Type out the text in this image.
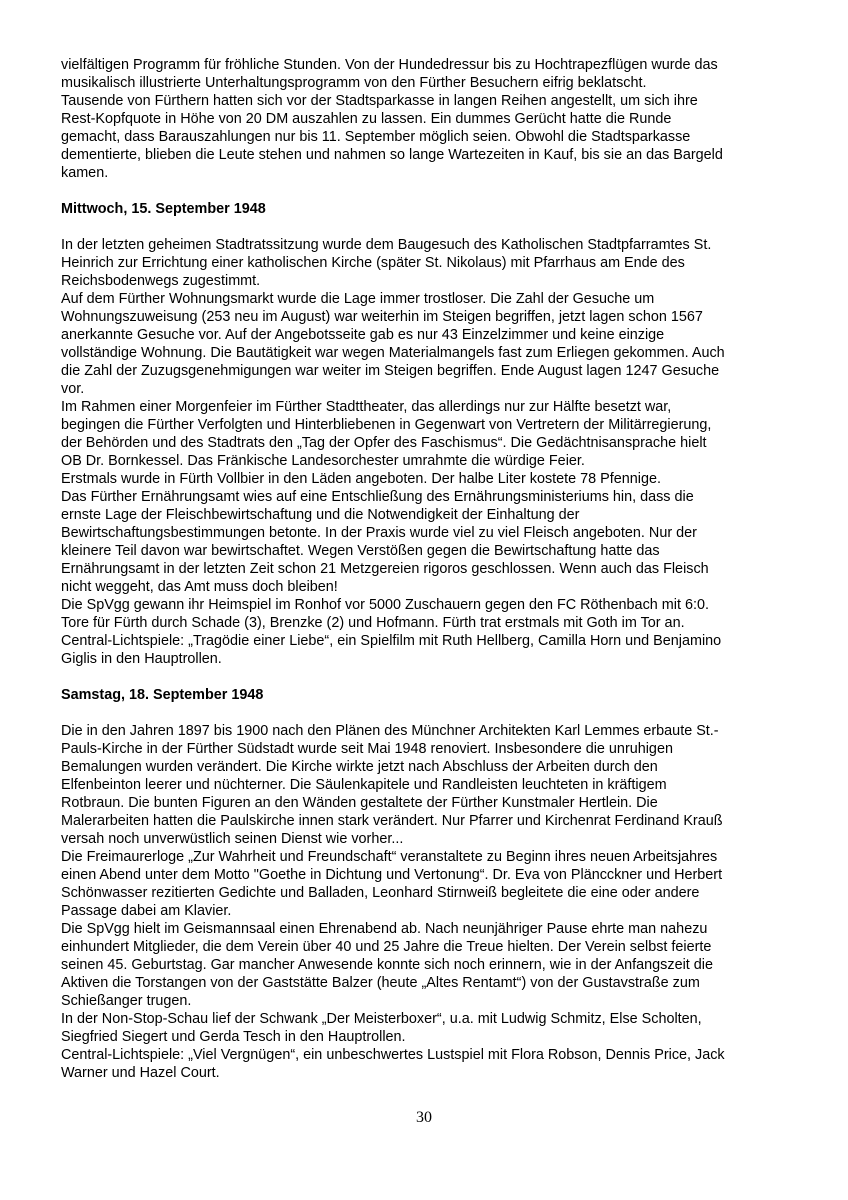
vielfältigen Programm für fröhliche Stunden. Von der Hundedressur bis zu Hochtrapezflügen wurde das

musikalisch illustrierte Unterhaltungsprogramm von den Fürther Besuchern eifrig beklatscht.

Tausende von Fürthern hatten sich vor der Stadtsparkasse in langen Reihen angestellt, um sich ihre

Rest-Kopfquote in Höhe von 20 DM auszahlen zu lassen. Ein dummes Gerücht hatte die Runde

gemacht, dass Barauszahlungen nur bis 11. September möglich seien. Obwohl die Stadtsparkasse

dementierte, blieben die Leute stehen und nahmen so lange Wartezeiten in Kauf, bis sie an das Bargeld

kamen.

Mittwoch, 15. September 1948

In der letzten geheimen Stadtratssitzung wurde dem Baugesuch des Katholischen Stadtpfarramtes St.

Heinrich zur Errichtung einer katholischen Kirche (später St. Nikolaus) mit Pfarrhaus am Ende des

Reichsbodenwegs zugestimmt.

Auf dem Fürther Wohnungsmarkt wurde die Lage immer trostloser. Die Zahl der Gesuche um

Wohnungszuweisung (253 neu im August) war weiterhin im Steigen begriffen, jetzt lagen schon 1567

anerkannte Gesuche vor. Auf der Angebotsseite gab es nur 43 Einzelzimmer und keine einzige

vollständige Wohnung. Die Bautätigkeit war wegen Materialmangels fast zum Erliegen gekommen. Auch

die Zahl der Zuzugsgenehmigungen war weiter im Steigen begriffen. Ende August lagen 1247 Gesuche

vor.

Im Rahmen einer Morgenfeier im Fürther Stadttheater, das allerdings nur zur Hälfte besetzt war,

begingen die Fürther Verfolgten und Hinterbliebenen in Gegenwart von Vertretern der Militärregierung,

der Behörden und des Stadtrats den „Tag der Opfer des Faschismus“. Die Gedächtnisansprache hielt

OB Dr. Bornkessel. Das Fränkische Landesorchester umrahmte die würdige Feier.

Erstmals wurde in Fürth Vollbier in den Läden angeboten. Der halbe Liter kostete 78 Pfennige.

Das Fürther Ernährungsamt wies auf eine Entschließung des Ernährungsministeriums hin, dass die

ernste Lage der Fleischbewirtschaftung und die Notwendigkeit der Einhaltung der

Bewirtschaftungsbestimmungen betonte. In der Praxis wurde viel zu viel Fleisch angeboten. Nur der

kleinere Teil davon war bewirtschaftet. Wegen Verstößen gegen die Bewirtschaftung hatte das

Ernährungsamt in der letzten Zeit schon 21 Metzgereien rigoros geschlossen. Wenn auch das Fleisch

nicht weggeht, das Amt muss doch bleiben!

Die SpVgg gewann ihr Heimspiel im Ronhof vor 5000 Zuschauern gegen den FC Röthenbach mit 6:0.

Tore für Fürth durch Schade (3), Brenzke (2) und Hofmann. Fürth trat erstmals mit Goth im Tor an.

Central-Lichtspiele: „Tragödie einer Liebe“, ein Spielfilm mit Ruth Hellberg, Camilla Horn und Benjamino

Giglis in den Hauptrollen.

Samstag, 18. September 1948

Die in den Jahren 1897 bis 1900 nach den Plänen des Münchner Architekten Karl Lemmes erbaute St.-

Pauls-Kirche in der Fürther Südstadt wurde seit Mai 1948 renoviert. Insbesondere die unruhigen

Bemalungen wurden verändert. Die Kirche wirkte jetzt nach Abschluss der Arbeiten durch den

Elfenbeinton leerer und nüchterner. Die Säulenkapitele und Randleisten leuchteten in kräftigem

Rotbraun. Die bunten Figuren an den Wänden gestaltete der Fürther Kunstmaler Hertlein. Die

Malerarbeiten hatten die Paulskirche innen stark verändert. Nur Pfarrer und Kirchenrat Ferdinand Krauß

versah noch unverwüstlich seinen Dienst wie vorher...

Die Freimaurerloge „Zur Wahrheit und Freundschaft“ veranstaltete zu Beginn ihres neuen Arbeitsjahres

einen Abend unter dem Motto "Goethe in Dichtung und Vertonung“. Dr. Eva von Pläncckner und Herbert

Schönwasser rezitierten Gedichte und Balladen, Leonhard Stirnweiß begleitete die eine oder andere

Passage dabei am Klavier.

Die SpVgg hielt im Geismannsaal einen Ehrenabend ab. Nach neunjähriger Pause ehrte man nahezu

einhundert Mitglieder, die dem Verein über 40 und 25 Jahre die Treue hielten. Der Verein selbst feierte

seinen 45. Geburtstag. Gar mancher Anwesende konnte sich noch erinnern, wie in der Anfangszeit die

Aktiven die Torstangen von der Gaststätte Balzer (heute „Altes Rentamt“) von der Gustavstraße zum

Schießanger trugen.

In der Non-Stop-Schau lief der Schwank „Der Meisterboxer“, u.a. mit Ludwig Schmitz, Else Scholten,

Siegfried Siegert und Gerda Tesch in den Hauptrollen.

Central-Lichtspiele: „Viel Vergnügen“, ein unbeschwertes Lustspiel mit Flora Robson, Dennis Price, Jack

Warner und Hazel Court.

30
